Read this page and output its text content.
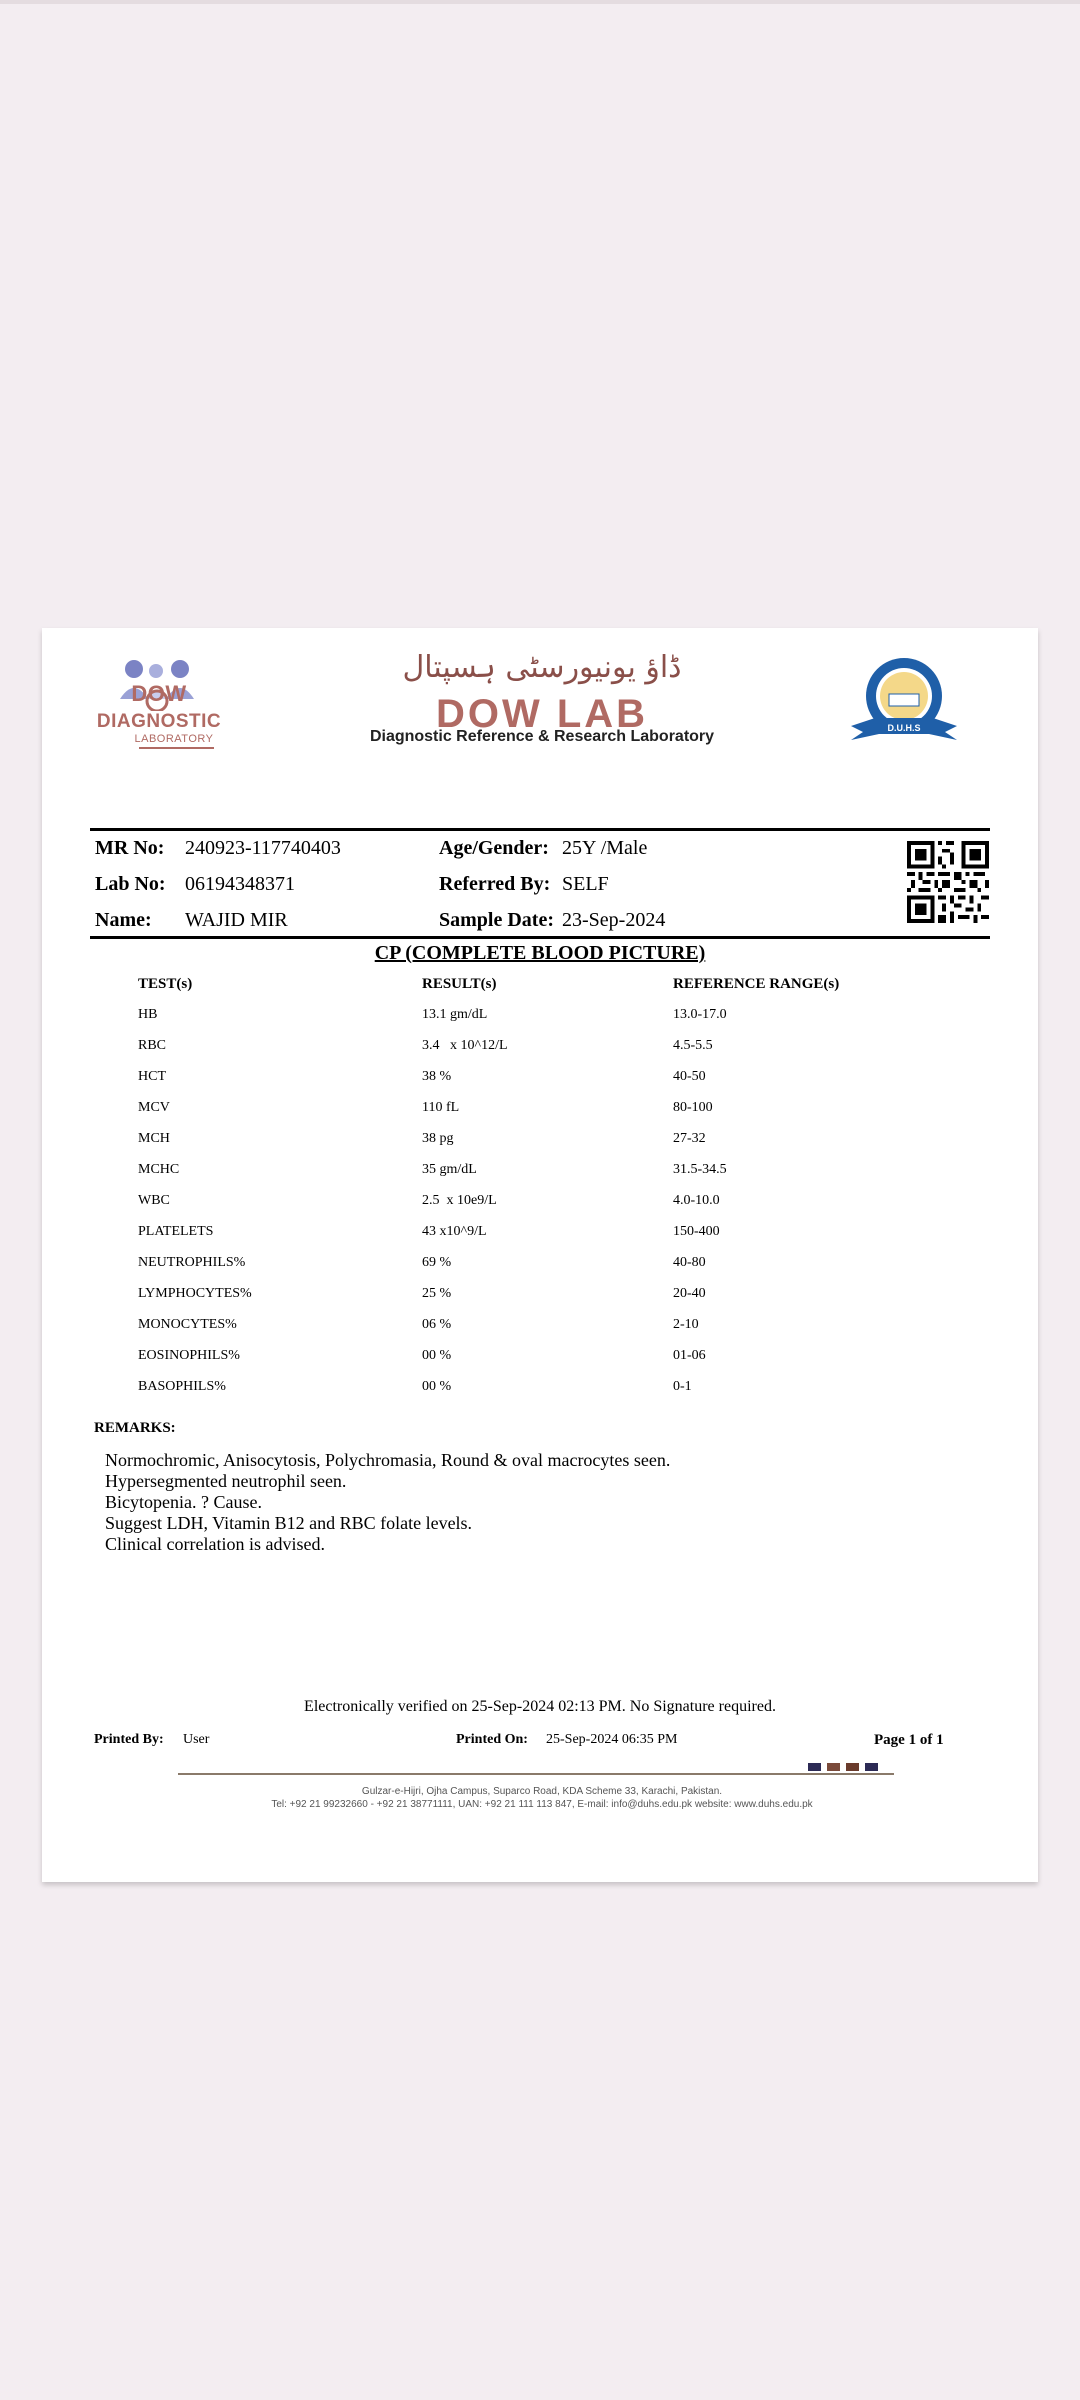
DOW
DIAGNOSTIC
LABORATORY
ڈاؤ یونیورسٹی ہسپتال
DOW LAB
Diagnostic Reference & Research Laboratory	D.U.H.S
MR No: 240923-117740403
Lab No: 06194348371
Name: WAJID MIR
Age/Gender: 25Y /Male
Referred By: SELF
Sample Date: 23-Sep-2024
CP (COMPLETE BLOOD PICTURE)
TEST(s)	RESULT(s)	REFERENCE RANGE(s)
HB	13.1 gm/dL	13.0-17.0
RBC	3.4   x 10^12/L	4.5-5.5
HCT	38 %	40-50
MCV	110 fL	80-100
MCH	38 pg	27-32
MCHC	35 gm/dL	31.5-34.5
WBC	2.5  x 10e9/L	4.0-10.0
PLATELETS	43 x10^9/L	150-400
NEUTROPHILS%	69 %	40-80
LYMPHOCYTES%	25 %	20-40
MONOCYTES%	06 %	2-10
EOSINOPHILS%	00 %	01-06
BASOPHILS%	00 %	0-1
REMARKS:
Normochromic, Anisocytosis, Polychromasia, Round & oval macrocytes seen.
Hypersegmented neutrophil seen.
Bicytopenia. ? Cause.
Suggest LDH, Vitamin B12 and RBC folate levels.
Clinical correlation is advised.
Electronically verified on 25-Sep-2024 02:13 PM. No Signature required.
Printed By: User	Printed On: 25-Sep-2024 06:35 PM	Page 1 of 1
Gulzar-e-Hijri, Ojha Campus, Suparco Road, KDA Scheme 33, Karachi, Pakistan.
Tel: +92 21 99232660 - +92 21 38771111, UAN: +92 21 111 113 847, E-mail: info@duhs.edu.pk website: www.duhs.edu.pk
